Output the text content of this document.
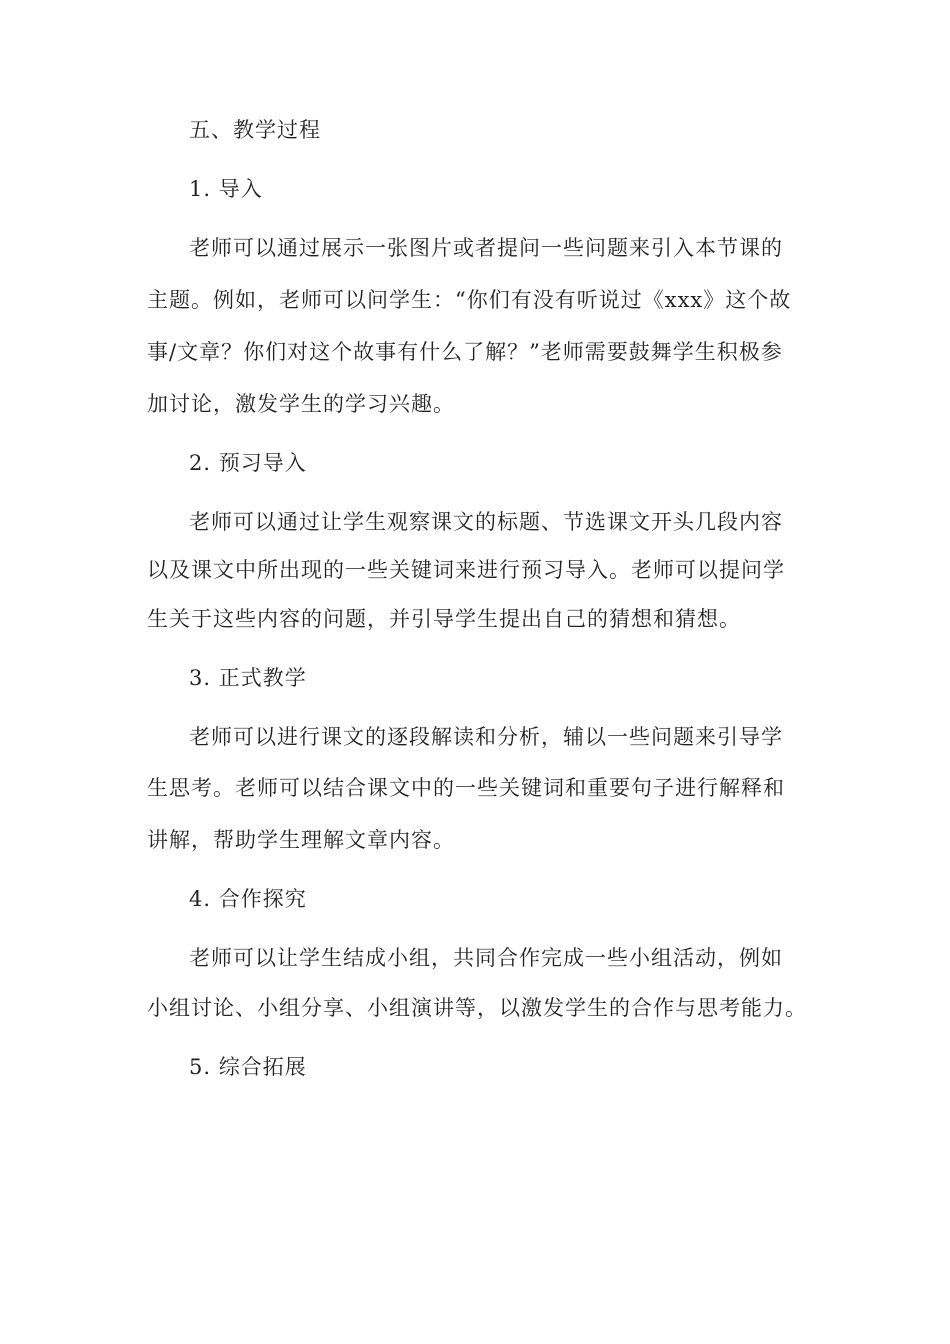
五、教学过程
1. 导入
老师可以通过展示一张图片或者提问一些问题来引入本节课的
主题。例如，老师可以问学生：“你们有没有听说过《xxx》这个故
事/文章？你们对这个故事有什么了解？”老师需要鼓舞学生积极参
加讨论，激发学生的学习兴趣。
2. 预习导入
老师可以通过让学生观察课文的标题、节选课文开头几段内容
以及课文中所出现的一些关键词来进行预习导入。老师可以提问学
生关于这些内容的问题，并引导学生提出自己的猜想和猜想。
3. 正式教学
老师可以进行课文的逐段解读和分析，辅以一些问题来引导学
生思考。老师可以结合课文中的一些关键词和重要句子进行解释和
讲解，帮助学生理解文章内容。
4. 合作探究
老师可以让学生结成小组，共同合作完成一些小组活动，例如
小组讨论、小组分享、小组演讲等，以激发学生的合作与思考能力。
5. 综合拓展
